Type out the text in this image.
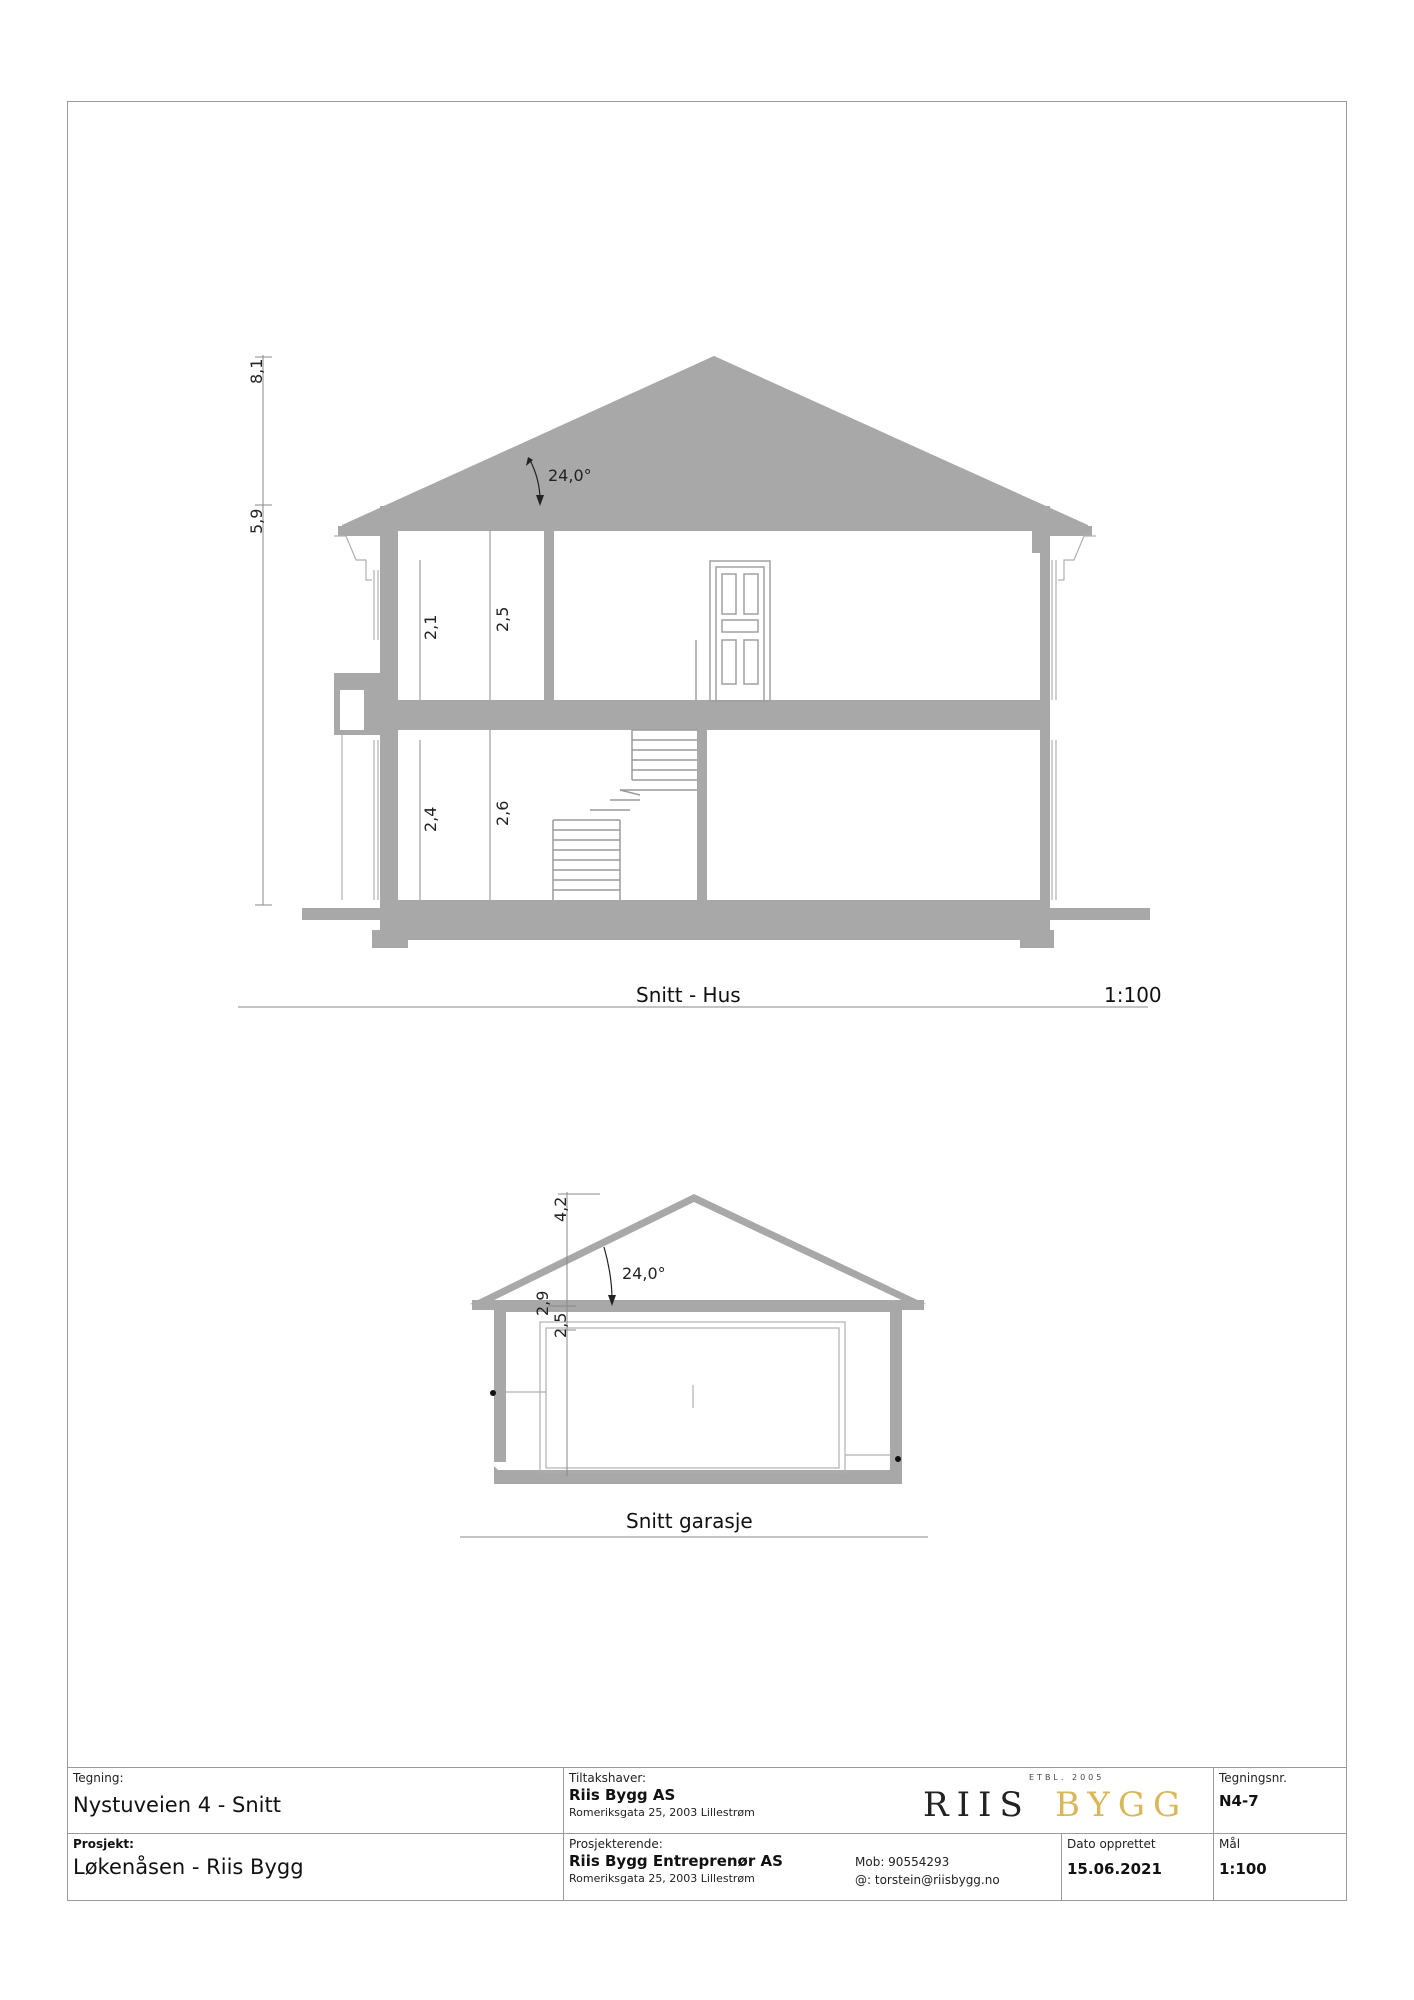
8,1
5,9
2,1	2,5
2,4	2,6
24,0°
4,2
2,9
2,5
24,0°
Snitt - Hus	1:100
Snitt garasje
Tegning:
Nystuveien 4 - Snitt
Prosjekt:
Løkenåsen - Riis Bygg
Tiltakshaver:
Riis Bygg AS
Romeriksgata 25, 2003 Lillestrøm
ETBL. 2005
RIIS BYGG
Prosjekterende:
Riis Bygg Entreprenør AS
Romeriksgata 25, 2003 Lillestrøm
Mob: 90554293
@: torstein@riisbygg.no
Dato opprettet
15.06.2021
Tegningsnr.
N4-7
Mål
1:100
